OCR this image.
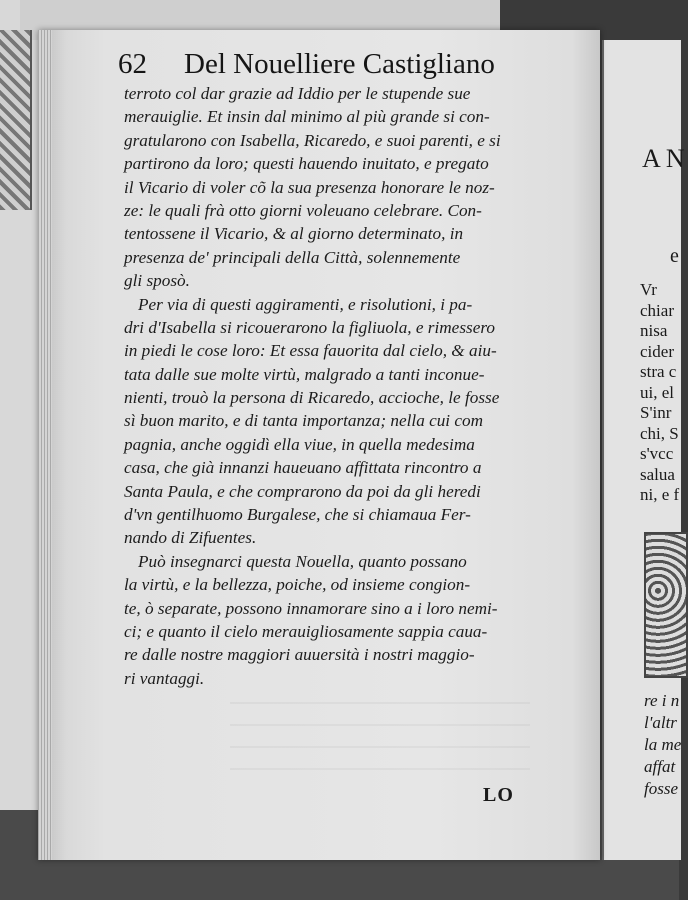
A N
e
Vr
chiar
nisa
cider
stra c
ui, el
S'inr
chi, S
s'vcc
salua
ni, e f
re i n
l'altr
la me
affat
fosse
62 Del Nouelliere Castigliano
terroto col dar grazie ad Iddio per le stupende sue
merauiglie. Et insin dal minimo al più grande si con-
gratularono con Isabella, Ricaredo, e suoi parenti, e si
partirono da loro; questi hauendo inuitato, e pregato
il Vicario di voler cõ la sua presenza honorare le noz-
ze: le quali frà otto giorni voleuano celebrare. Con-
tentossene il Vicario, & al giorno determinato, in
presenza de' principali della Città, solennemente
gli sposò.
Per via di questi aggiramenti, e risolutioni, i pa-
dri d'Isabella si ricouerarono la figliuola, e rimessero
in piedi le cose loro: Et essa fauorita dal cielo, & aiu-
tata dalle sue molte virtù, malgrado a tanti inconue-
nienti, trouò la persona di Ricaredo, accioche, le fosse
sì buon marito, e di tanta importanza; nella cui com
pagnia, anche oggidì ella viue, in quella medesima
casa, che già innanzi haueuano affittata rincontro a
Santa Paula, e che comprarono da poi da gli heredi
d'vn gentilhuomo Burgalese, che si chiamaua Fer-
nando di Zifuentes.
Può insegnarci questa Nouella, quanto possano
la virtù, e la bellezza, poiche, od insieme congion-
te, ò separate, possono innamorare sino a i loro nemi-
ci; e quanto il cielo merauigliosamente sappia caua-
re dalle nostre maggiori auuersità i nostri maggio-
ri vantaggi.
LO
